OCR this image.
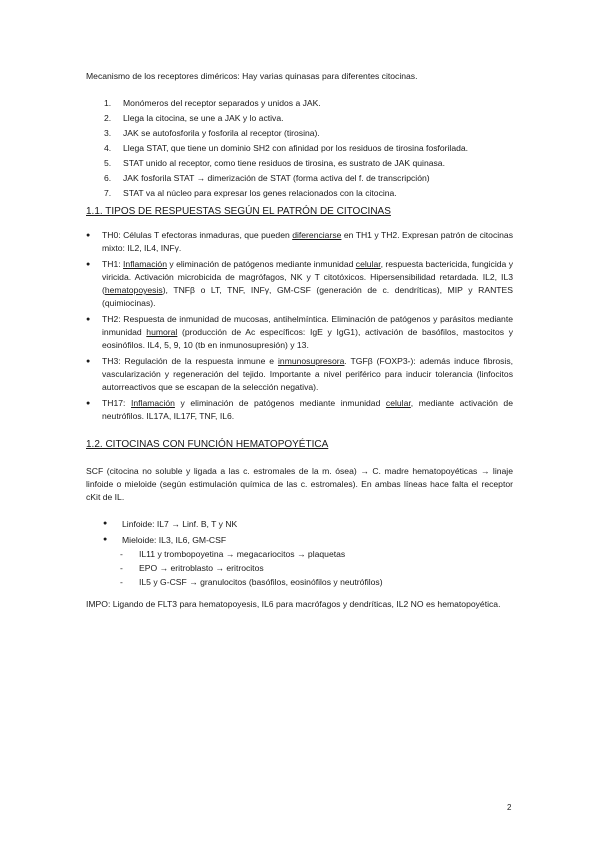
Mecanismo de los receptores diméricos: Hay varias quinasas para diferentes citocinas.
1. Monómeros del receptor separados y unidos a JAK.
2. Llega la citocina, se une a JAK y lo activa.
3. JAK se autofosforila y fosforila al receptor (tirosina).
4. Llega STAT, que tiene un dominio SH2 con afinidad por los residuos de tirosina fosforilada.
5. STAT unido al receptor, como tiene residuos de tirosina, es sustrato de JAK quinasa.
6. JAK fosforila STAT → dimerización de STAT (forma activa del f. de transcripción)
7. STAT va al núcleo para expresar los genes relacionados con la citocina.
1.1. TIPOS DE RESPUESTAS SEGÚN EL PATRÓN DE CITOCINAS
● TH0: Células T efectoras inmaduras, que pueden diferenciarse en TH1 y TH2. Expresan patrón de citocinas mixto: IL2, IL4, INFγ.
● TH1: Inflamación y eliminación de patógenos mediante inmunidad celular, respuesta bactericida, fungicida y viricida. Activación microbicida de magrófagos, NK y T citotóxicos. Hipersensibilidad retardada. IL2, IL3 (hematopoyesis), TNFβ o LT, TNF, INFγ, GM-CSF (generación de c. dendríticas), MIP y RANTES (quimiocinas).
● TH2: Respuesta de inmunidad de mucosas, antihelmíntica. Eliminación de patógenos y parásitos mediante inmunidad humoral (producción de Ac específicos: IgE y IgG1), activación de basófilos, mastocitos y eosinófilos. IL4, 5, 9, 10 (tb en inmunosupresión) y 13.
● TH3: Regulación de la respuesta inmune e inmunosupresora. TGFβ (FOXP3-): además induce fibrosis, vascularización y regeneración del tejido. Importante a nivel periférico para inducir tolerancia (linfocitos autorreactivos que se escapan de la selección negativa).
● TH17: Inflamación y eliminación de patógenos mediante inmunidad celular, mediante activación de neutrófilos. IL17A, IL17F, TNF, IL6.
1.2. CITOCINAS CON FUNCIÓN HEMATOPOYÉTICA
SCF (citocina no soluble y ligada a las c. estromales de la m. ósea) → C. madre hematopoyéticas → linaje linfoide o mieloide (según estimulación química de las c. estromales). En ambas líneas hace falta el receptor cKit de IL.
● Linfoide: IL7 → Linf. B, T y NK
● Mieloide: IL3, IL6, GM-CSF
- IL11 y trombopoyetina → megacariocitos → plaquetas
- EPO → eritroblasto → eritrocitos
- IL5 y G-CSF → granulocitos (basófilos, eosinófilos y neutrófilos)
IMPO: Ligando de FLT3 para hematopoyesis, IL6 para macrófagos y dendríticas, IL2 NO es hematopoyética.
2
